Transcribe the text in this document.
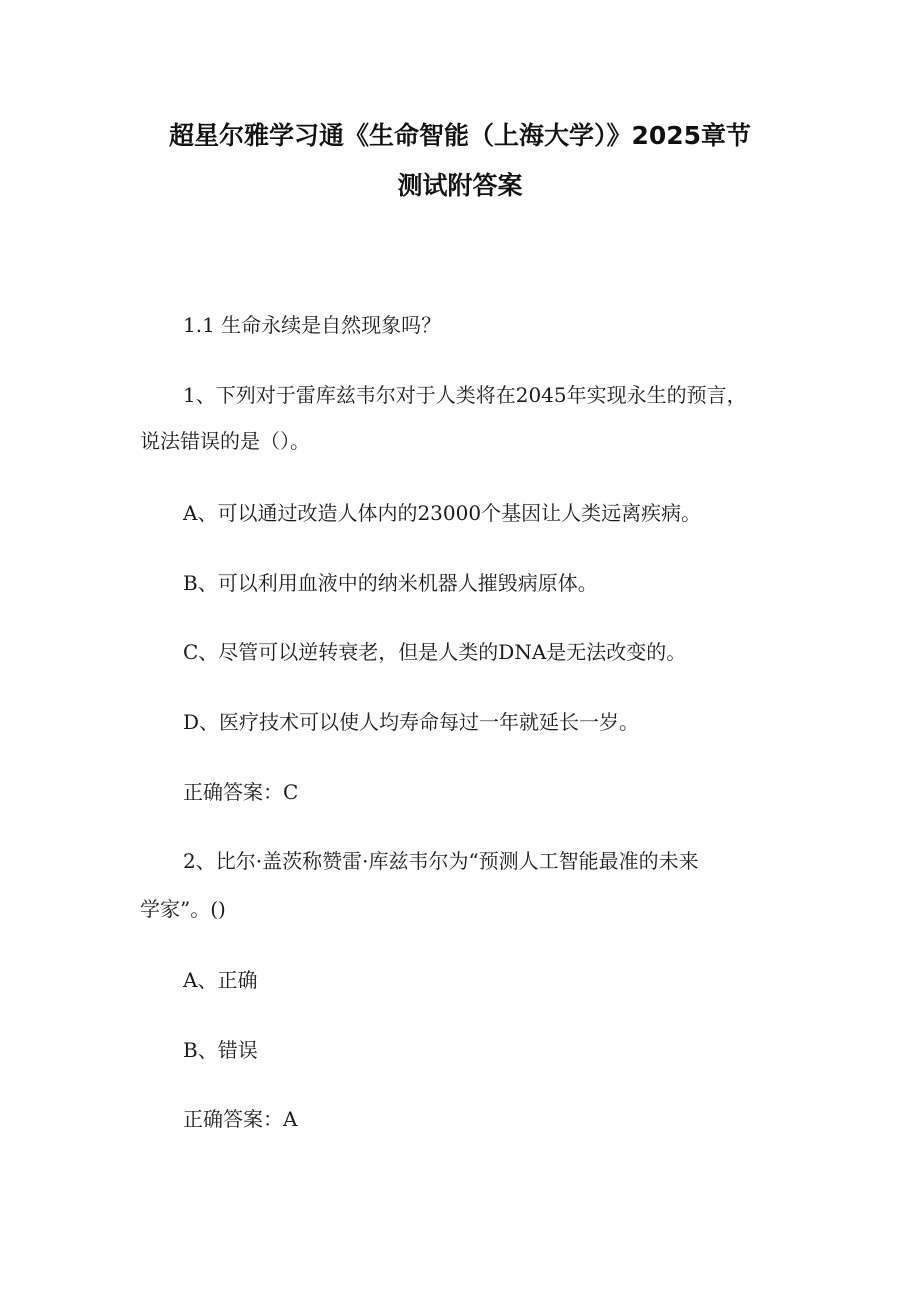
超星尔雅学习通《生命智能（上海大学）》2025章节
测试附答案
1.1 生命永续是自然现象吗？
1、下列对于雷库兹韦尔对于人类将在2045年实现永生的预言，
说法错误的是（）。
A、可以通过改造人体内的23000个基因让人类远离疾病。
B、可以利用血液中的纳米机器人摧毁病原体。
C、尽管可以逆转衰老，但是人类的DNA是无法改变的。
D、医疗技术可以使人均寿命每过一年就延长一岁。
正确答案：C
2、比尔·盖茨称赞雷·库兹韦尔为“预测人工智能最准的未来
学家”。()
A、正确
B、错误
正确答案：A
